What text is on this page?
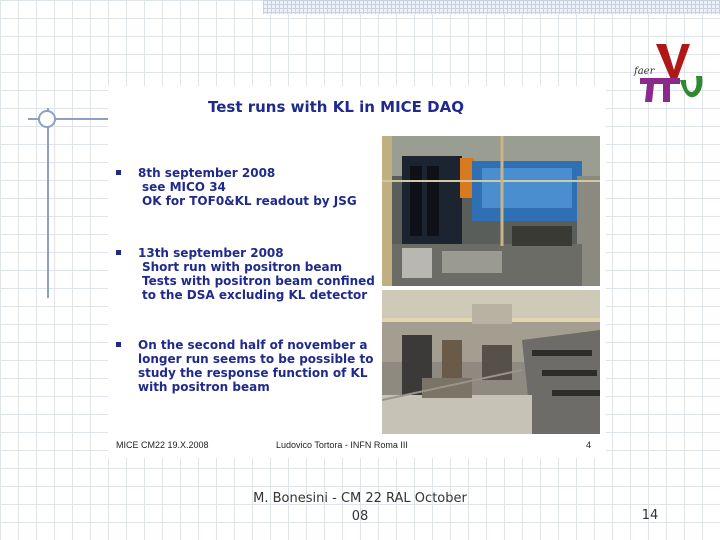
faer
Test runs with KL in MICE DAQ
8th september 2008
see MICO 34
OK for TOF0&KL readout by JSG
13th september 2008
Short run with positron beam
Tests with positron beam confined
to the DSA excluding KL detector
On the second half of november a
longer run seems to be possible to
study the response function of KL
with positron beam
MICE CM22 19.X.2008	Ludovico Tortora - INFN Roma III	4
M. Bonesini - CM 22 RAL October
08	14
